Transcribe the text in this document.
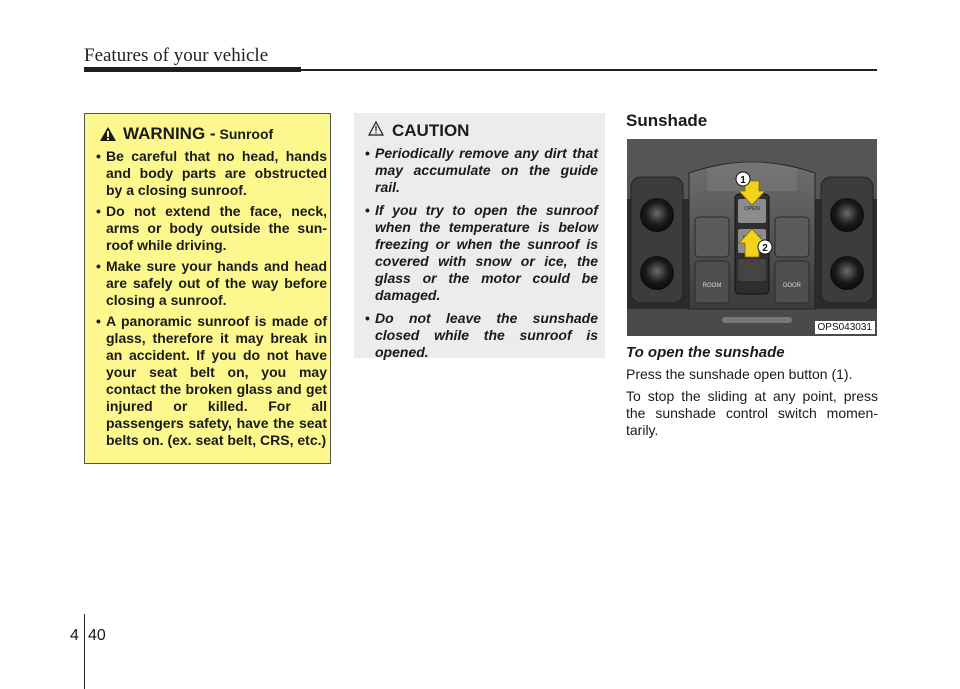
Features of your vehicle
WARNING - Sunroof
• Be careful that no head, hands and body parts are obstructed by a closing sunroof.
• Do not extend the face, neck, arms or body outside the sun-roof while driving.
• Make sure your hands and head are safely out of the way before closing a sunroof.
• A panoramic sunroof is made of glass, therefore it may break in an accident. If you do not have your seat belt on, you may contact the broken glass and get injured or killed. For all passengers safety, have the seat belts on. (ex. seat belt, CRS, etc.)
CAUTION
• Periodically remove any dirt that may accumulate on the guide rail.
• If you try to open the sunroof when the temperature is below freezing or when the sunroof is covered with snow or ice, the glass or the motor could be damaged.
• Do not leave the sunshade closed while the sunroof is opened.
Sunshade
ROOM	DOOR
OPEN
1
2
OPS043031
To open the sunshade
Press the sunshade open button (1).
To stop the sliding at any point, press the sunshade control switch momen-tarily.
4 40
